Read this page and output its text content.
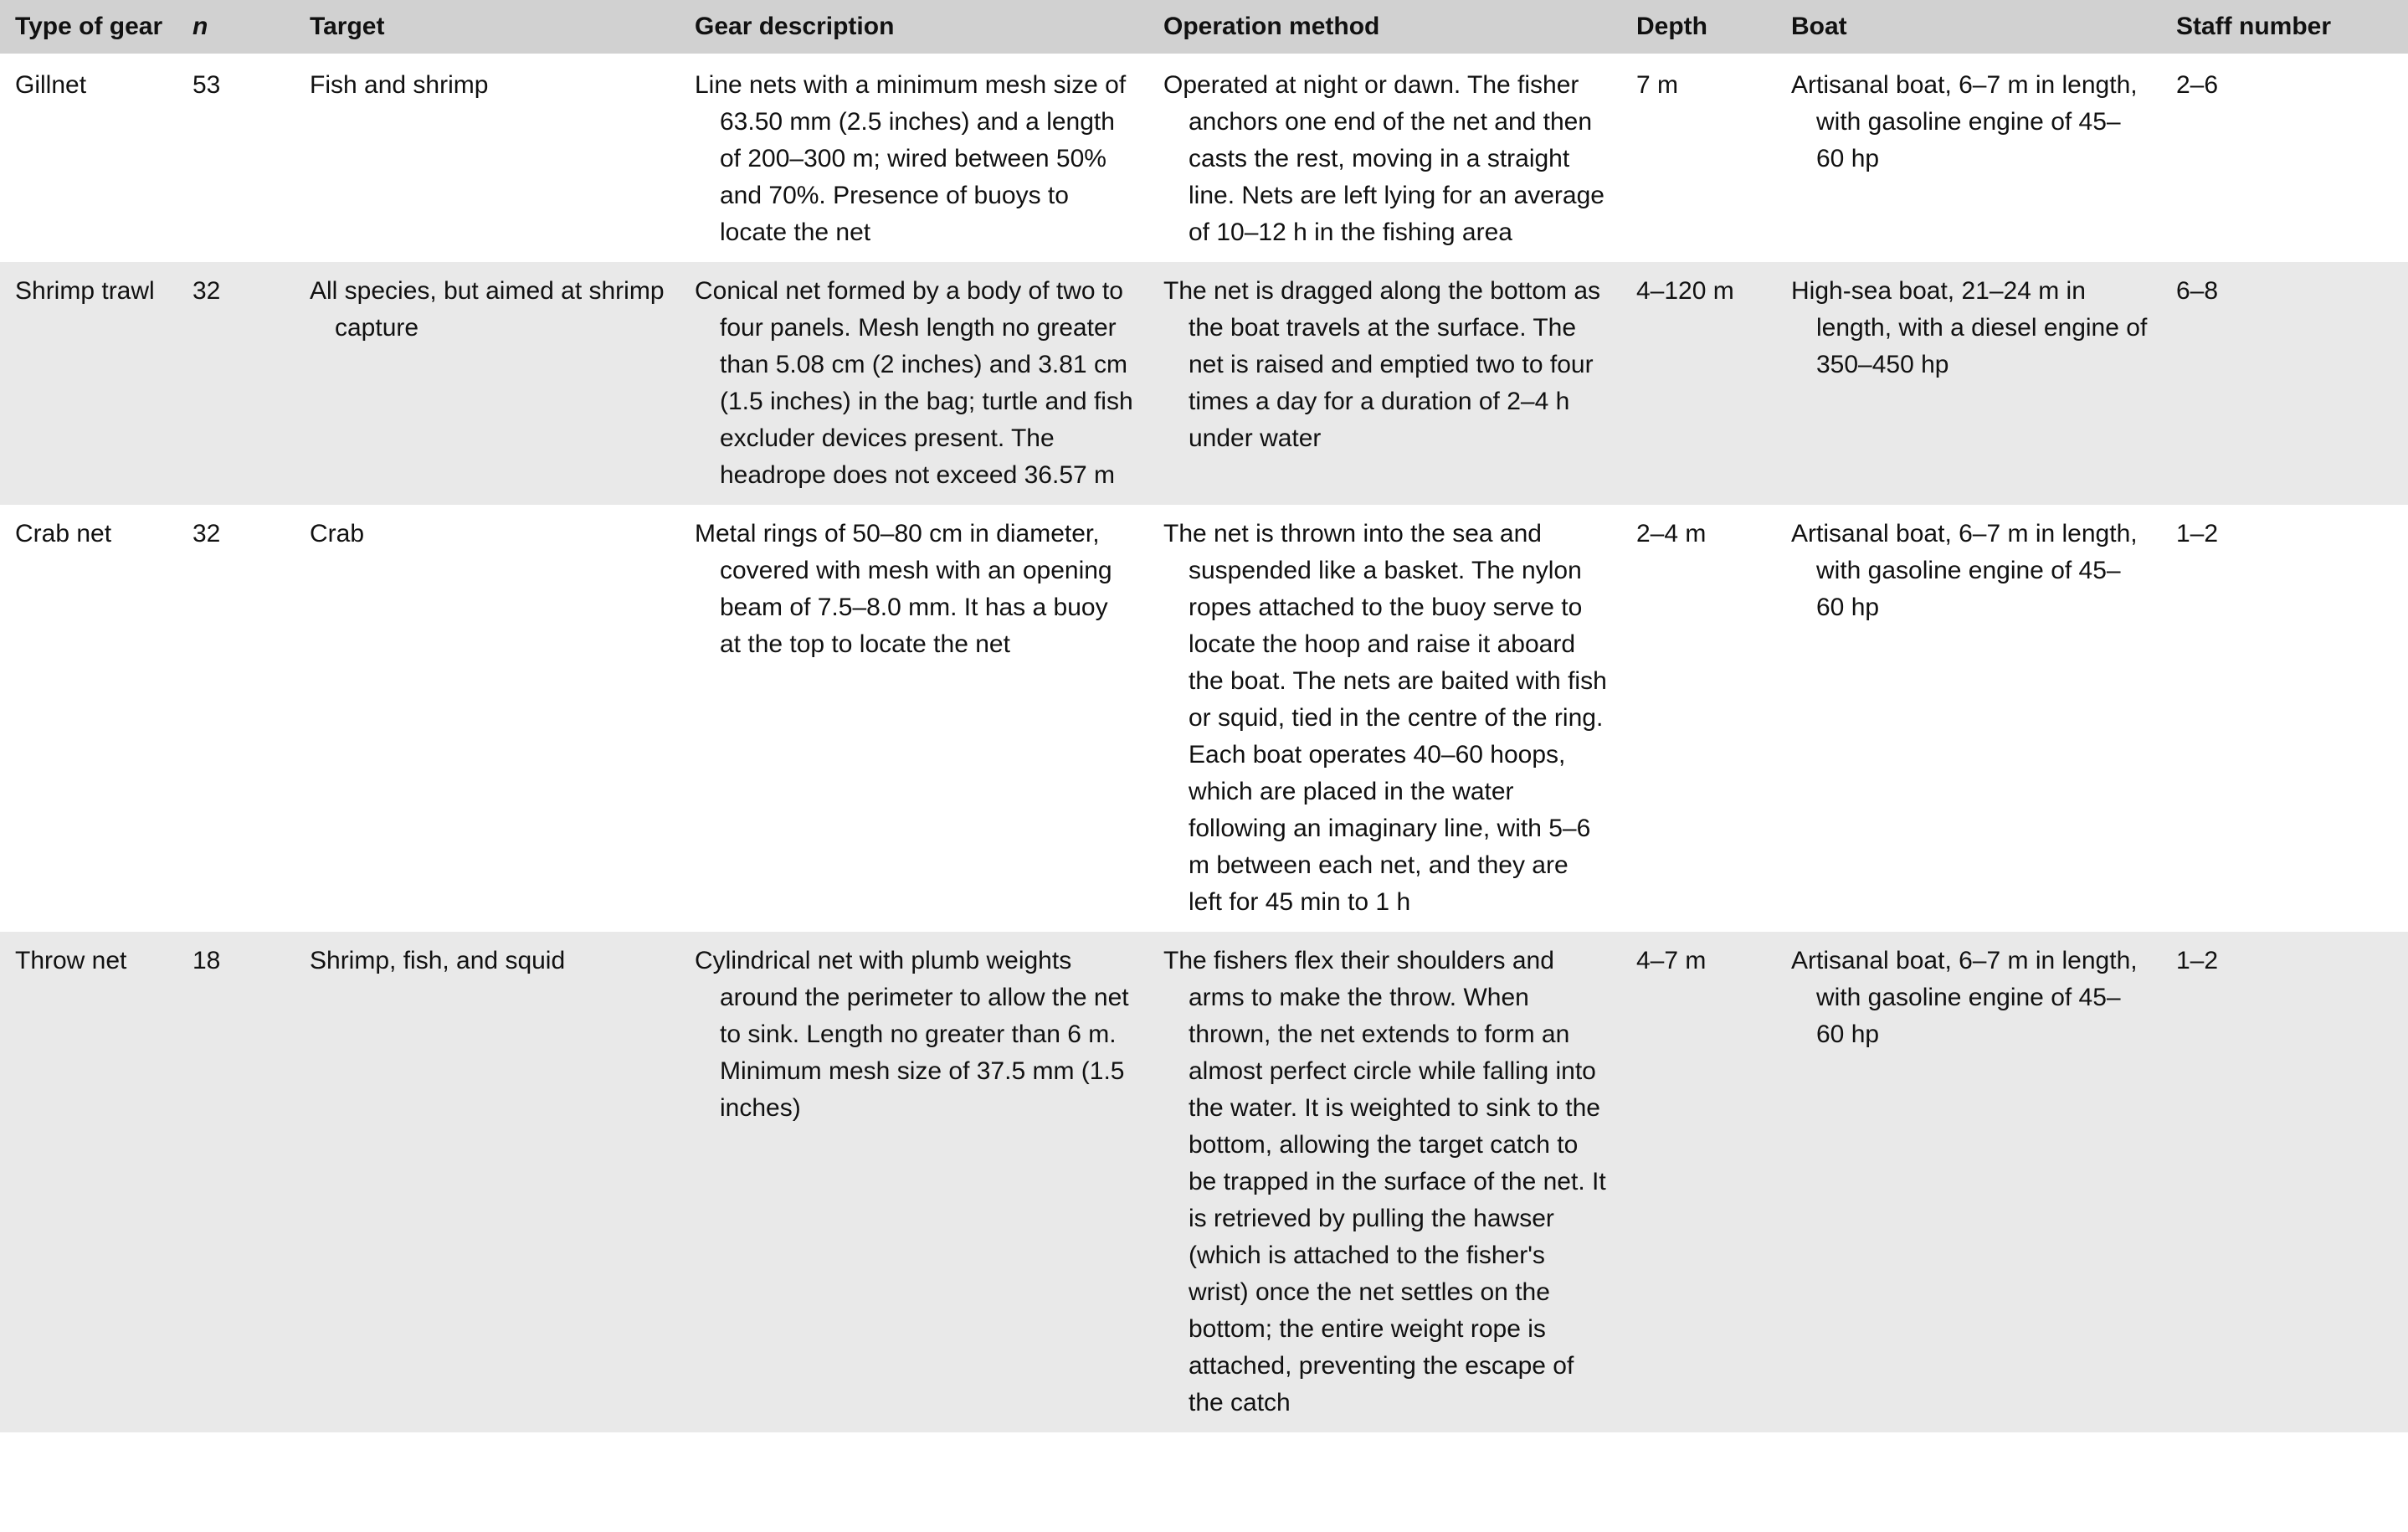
Type of gear	n	Target	Gear description	Operation method	Depth	Boat	Staff number
Gillnet	53	Fish and shrimp	Line nets with a minimum mesh size of 63.50 mm (2.5 inches) and a length of 200–300 m; wired between 50% and 70%. Presence of buoys to locate the net	Operated at night or dawn. The fisher anchors one end of the net and then casts the rest, moving in a straight line. Nets are left lying for an average of 10–12 h in the fishing area	7 m	Artisanal boat, 6–7 m in length, with gasoline engine of 45–60 hp	2–6
Shrimp trawl	32	All species, but aimed at shrimp capture	Conical net formed by a body of two to four panels. Mesh length no greater than 5.08 cm (2 inches) and 3.81 cm (1.5 inches) in the bag; turtle and fish excluder devices present. The headrope does not exceed 36.57 m	The net is dragged along the bottom as the boat travels at the surface. The net is raised and emptied two to four times a day for a duration of 2–4 h under water	4–120 m	High-sea boat, 21–24 m in length, with a diesel engine of 350–450 hp	6–8
Crab net	32	Crab	Metal rings of 50–80 cm in diameter, covered with mesh with an opening beam of 7.5–8.0 mm. It has a buoy at the top to locate the net	The net is thrown into the sea and suspended like a basket. The nylon ropes attached to the buoy serve to locate the hoop and raise it aboard the boat. The nets are baited with fish or squid, tied in the centre of the ring. Each boat operates 40–60 hoops, which are placed in the water following an imaginary line, with 5–6 m between each net, and they are left for 45 min to 1 h	2–4 m	Artisanal boat, 6–7 m in length, with gasoline engine of 45–60 hp	1–2
Throw net	18	Shrimp, fish, and squid	Cylindrical net with plumb weights around the perimeter to allow the net to sink. Length no greater than 6 m. Minimum mesh size of 37.5 mm (1.5 inches)	The fishers flex their shoulders and arms to make the throw. When thrown, the net extends to form an almost perfect circle while falling into the water. It is weighted to sink to the bottom, allowing the target catch to be trapped in the surface of the net. It is retrieved by pulling the hawser (which is attached to the fisher's wrist) once the net settles on the bottom; the entire weight rope is attached, preventing the escape of the catch	4–7 m	Artisanal boat, 6–7 m in length, with gasoline engine of 45–60 hp	1–2
